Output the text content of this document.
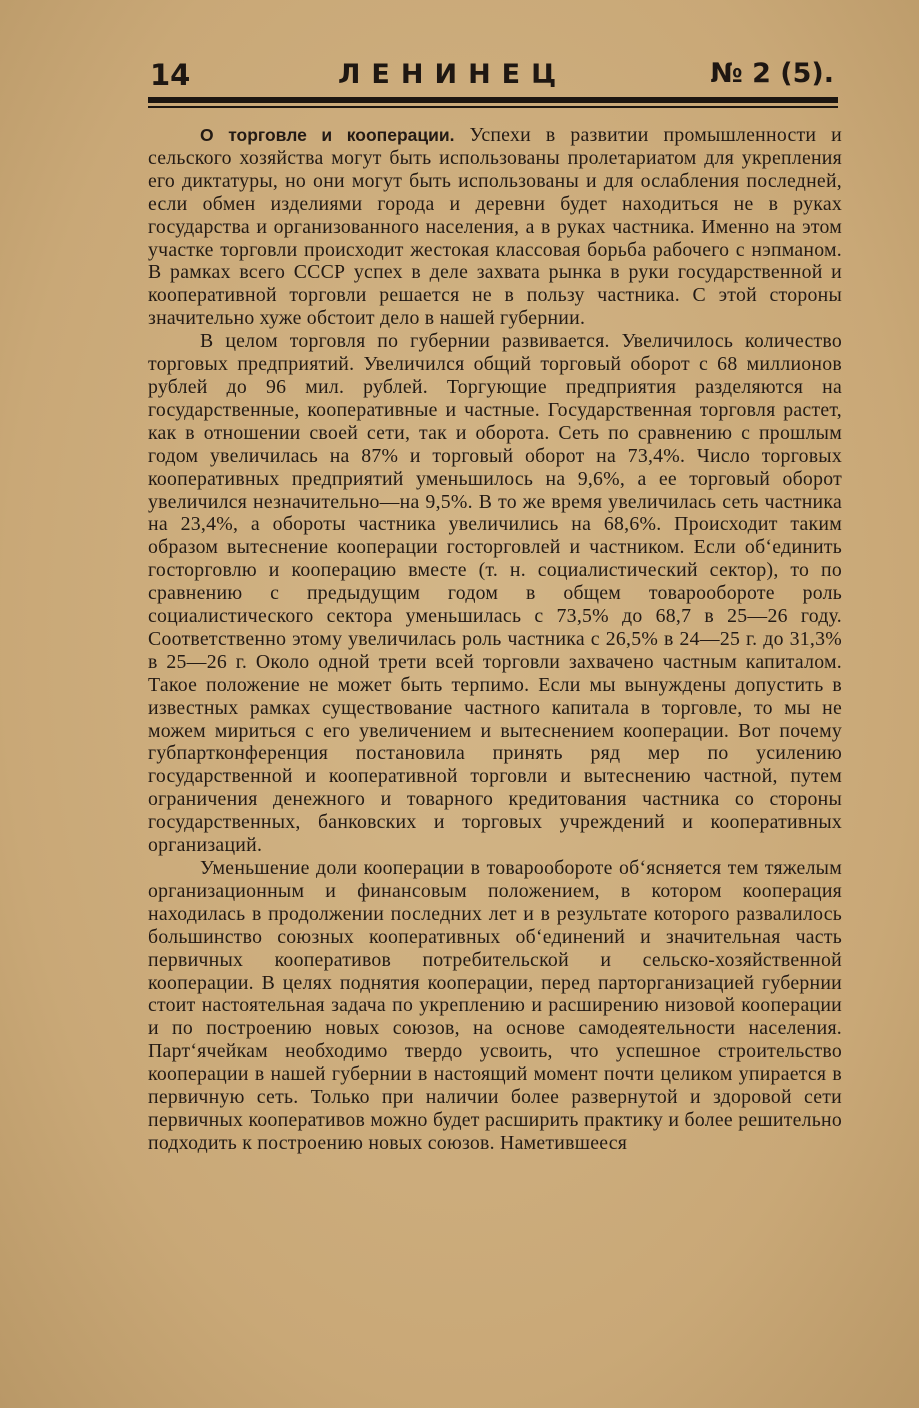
14	ЛЕНИНЕЦ	№ 2 (5).

О торговле и кооперации. Успехи в развитии промышленности и сельского хозяйства могут быть использованы пролетариатом для укрепления его диктатуры, но они могут быть использованы и для ослабления последней, если обмен изделиями города и деревни будет находиться не в руках государства и организованного населения, а в руках частника. Именно на этом участке торговли происходит жестокая классовая борьба рабочего с нэпманом. В рамках всего СССР успех в деле захвата рынка в руки государственной и кооперативной торговли решается не в пользу частника. С этой стороны значительно хуже обстоит дело в нашей губернии.

В целом торговля по губернии развивается. Увеличилось количество торговых предприятий. Увеличился общий торговый оборот с 68 миллионов рублей до 96 мил. рублей. Торгующие предприятия разделяются на государственные, кооперативные и частные. Государственная торговля растет, как в отношении своей сети, так и оборота. Сеть по сравнению с прошлым годом увеличилась на 87% и торговый оборот на 73,4%. Число торговых кооперативных предприятий уменьшилось на 9,6%, а ее торговый оборот увеличился незначительно—на 9,5%. В то же время увеличилась сеть частника на 23,4%, а обороты частника увеличились на 68,6%. Происходит таким образом вытеснение кооперации госторговлей и частником. Если об‘единить госторговлю и кооперацию вместе (т. н. социалистический сектор), то по сравнению с предыдущим годом в общем товарообороте роль социалистического сектора уменьшилась с 73,5% до 68,7 в 25—26 году. Соответственно этому увеличилась роль частника с 26,5% в 24—25 г. до 31,3% в 25—26 г. Около одной трети всей торговли захвачено частным капиталом. Такое положение не может быть терпимо. Если мы вынуждены допустить в известных рамках существование частного капитала в торговле, то мы не можем мириться с его увеличением и вытеснением кооперации. Вот почему губпартконференция постановила принять ряд мер по усилению государственной и кооперативной торговли и вытеснению частной, путем ограничения денежного и товарного кредитования частника со стороны государственных, банковских и торговых учреждений и кооперативных организаций.

Уменьшение доли кооперации в товарообороте об‘ясняется тем тяжелым организационным и финансовым положением, в котором кооперация находилась в продолжении последних лет и в результате которого развалилось большинство союзных кооперативных об‘единений и значительная часть первичных кооперативов потребительской и сельско-хозяйственной кооперации. В целях поднятия кооперации, перед парторганизацией губернии стоит настоятельная задача по укреплению и расширению низовой кооперации и по построению новых союзов, на основе самодеятельности населения. Парт‘ячейкам необходимо твердо усвоить, что успешное строительство кооперации в нашей губернии в настоящий момент почти целиком упирается в первичную сеть. Только при наличии более развернутой и здоровой сети первичных кооперативов можно будет расширить практику и более решительно подходить к построению новых союзов. Наметившееся
